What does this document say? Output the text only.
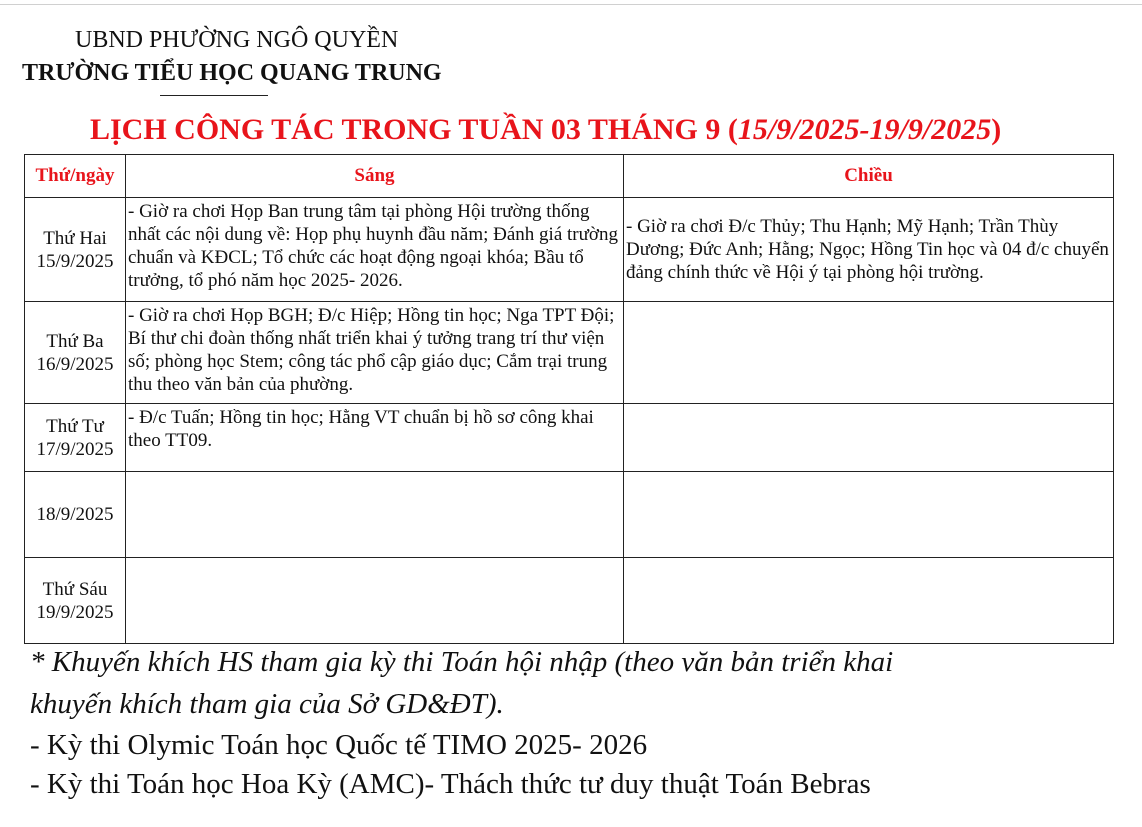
UBND PHƯỜNG NGÔ QUYỀN
TRƯỜNG TIỂU HỌC QUANG TRUNG
LỊCH CÔNG TÁC TRONG TUẦN 03 THÁNG 9 (15/9/2025-19/9/2025)
Thứ/ngày	Sáng	Chiều

Thứ Hai
15/9/2025	- Giờ ra chơi Họp Ban trung tâm tại phòng Hội trường thống nhất các nội dung về: Họp phụ huynh đầu năm; Đánh giá trường chuẩn và KĐCL; Tổ chức các hoạt động ngoại khóa; Bầu tổ trưởng, tổ phó năm học 2025- 2026.	- Giờ ra chơi Đ/c Thủy; Thu Hạnh; Mỹ Hạnh; Trần Thùy Dương; Đức Anh; Hằng; Ngọc; Hồng Tin học và 04 đ/c chuyển đảng chính thức về Hội ý tại phòng hội trường.

Thứ Ba
16/9/2025	- Giờ ra chơi Họp BGH; Đ/c Hiệp; Hồng tin học; Nga TPT Đội; Bí thư chi đoàn thống nhất triển khai ý tưởng trang trí thư viện số; phòng học Stem; công tác phổ cập giáo dục; Cắm trại trung thu theo văn bản của phường.	

Thứ Tư
17/9/2025	- Đ/c Tuấn; Hồng tin học; Hằng VT chuẩn bị hồ sơ công khai theo TT09.	

18/9/2025		

Thứ Sáu
19/9/2025		

* Khuyến khích HS tham gia kỳ thi Toán hội nhập (theo văn bản triển khai
khuyến khích tham gia của Sở GD&ĐT).
- Kỳ thi Olymic Toán học Quốc tế TIMO 2025- 2026
- Kỳ thi Toán học Hoa Kỳ (AMC)- Thách thức tư duy thuật Toán Bebras
